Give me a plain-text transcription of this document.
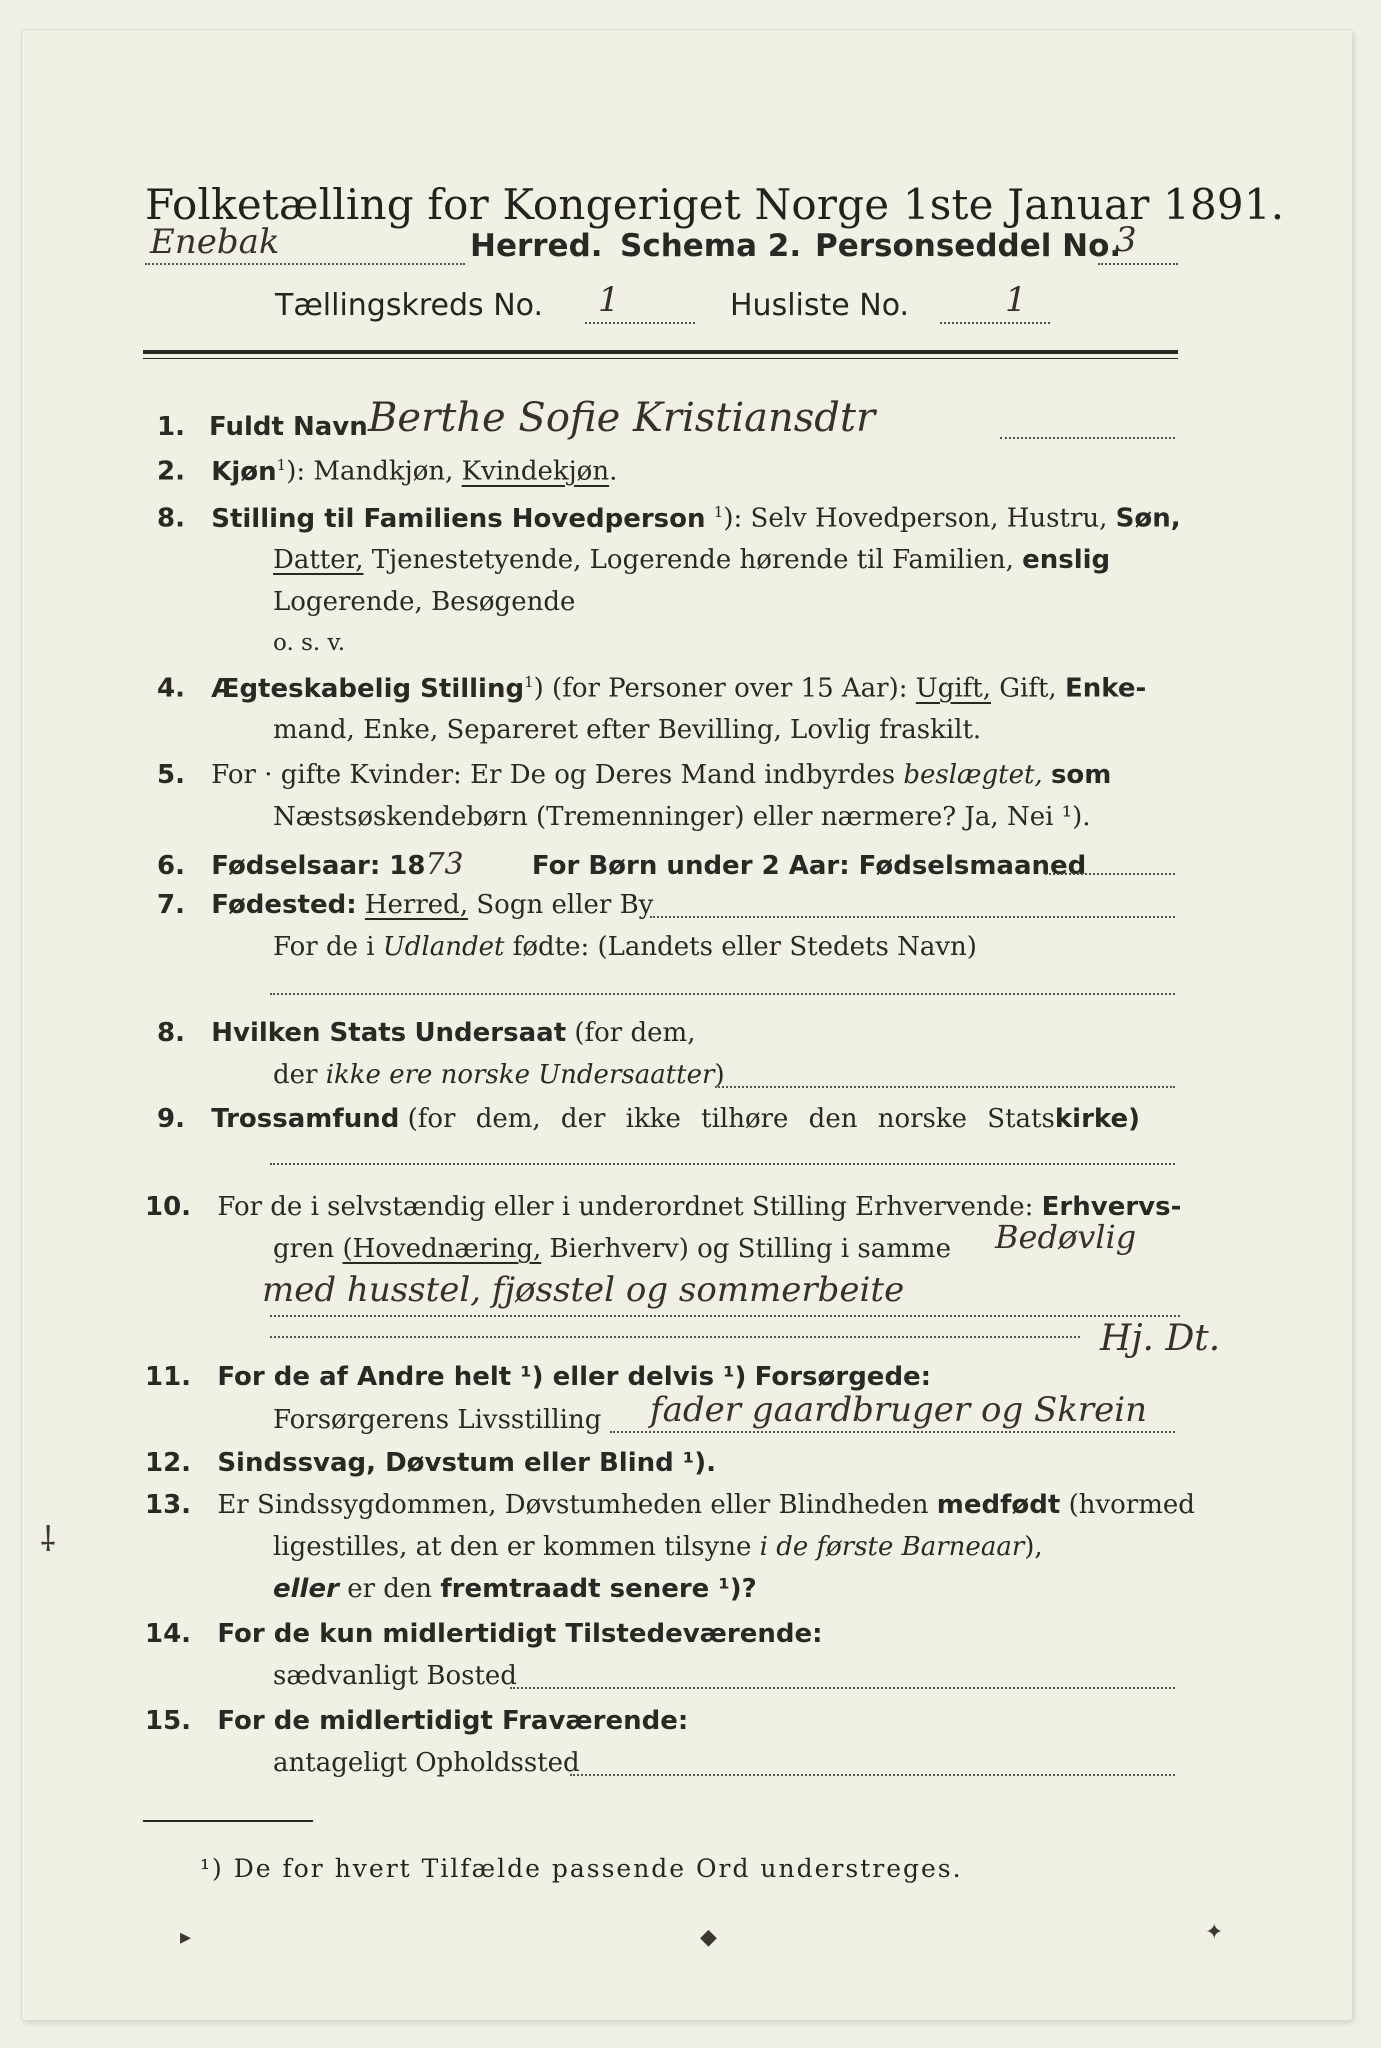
Folketælling for Kongeriget Norge 1ste Januar 1891.
Enebak	Herred. Schema 2. Personseddel No.
3
Tællingskreds No. 1	Husliste No.	1
1. Fuldt Navn Berthe Sofie Kristiansdtr
2. Kjøn$^1$): Mandkjøn, Kvindekjøn.
8. Stilling til Familiens Hovedperson $^1$): Selv Hovedperson, Hustru, Søn,
Datter, Tjenestetyende, Logerende hørende til Familien, enslig
Logerende, Besøgende
o. s. v.
4. Ægteskabelig Stilling$^1$) (for Personer over 15 Aar): Ugift, Gift, Enke-
mand, Enke, Separeret efter Bevilling, Lovlig fraskilt.
5. For · gifte Kvinder: Er De og Deres Mand indbyrdes beslægtet, som
Næstsøskendebørn (Tremenninger) eller nærmere? Ja, Nei ¹).
6. Fødselsaar: 1873	For Børn under 2 Aar: Fødselsmaaned
7. Fødested: Herred, Sogn eller By
For de i Udlandet fødte: (Landets eller Stedets Navn)
8. Hvilken Stats Undersaat (for dem,
der ikke ere norske Undersaatter)
9. Trossamfund (for dem, der ikke tilhøre den norske Statskirke)
10. For de i selvstændig eller i underordnet Stilling Erhvervende: Erhvervs-
gren (Hovednæring, Bierhverv) og Stilling i samme Bedøvlig
med husstel, fjøsstel og sommerbeite
Hj. Dt.
11. For de af Andre helt ¹) eller delvis ¹) Forsørgede:
Forsørgerens Livsstilling fader gaardbruger og Skrein
12. Sindssvag, Døvstum eller Blind ¹).
13. Er Sindssygdommen, Døvstumheden eller Blindheden medfødt (hvormed
ligestilles, at den er kommen tilsyne i de første Barneaar),
eller er den fremtraadt senere ¹)?
14. For de kun midlertidigt Tilstedeværende:
sædvanligt Bosted
15. For de midlertidigt Fraværende:
antageligt Opholdssted
¹) De for hvert Tilfælde passende Ord understreges.
⸸
▸	◆	✦
